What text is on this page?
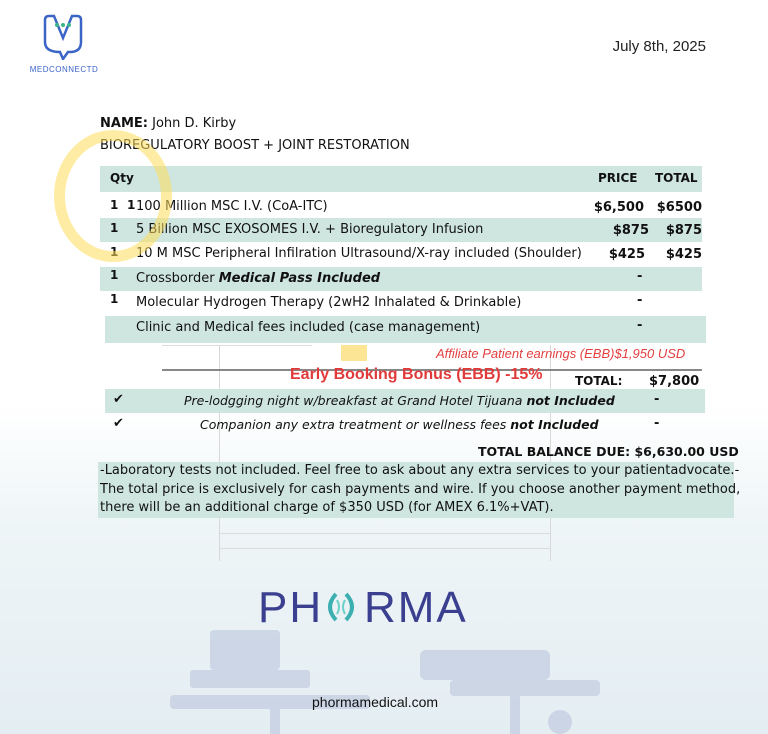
MEDCONNECTD
July 8th, 2025
NAME: John D. Kirby
BIOREGULATORY BOOST + JOINT RESTORATION
Qty	PRICE TOTAL
1 1 100 Million MSC I.V. (CoA-ITC)	$6,500 $6500
1 5 Billion MSC EXOSOMES I.V. + Bioregulatory Infusion	$875 $875
1 10 M MSC Peripheral Infilration Ultrasound/X-ray included (Shoulder) $425 $425
1 Crossborder Medical Pass Included	-
1 Molecular Hydrogen Therapy (2wH2 Inhalated & Drinkable)	-
Clinic and Medical fees included (case management)	-
Affiliate Patient earnings (EBB)$1,950 USD
Early Booking Bonus (EBB) -15%	TOTAL: $7,800
✔	Pre-lodgging night w/breakfast at Grand Hotel Tijuana not Included	-
✔	Companion any extra treatment or wellness fees not Included	-
TOTAL BALANCE DUE: $6,630.00 USD

-Laboratory tests not included. Feel free to ask about any extra services to your patientadvocate.-

The total price is exclusively for cash payments and wire. If you choose another payment method,

there will be an additional charge of $350 USD (for AMEX 6.1%+VAT).

PH RMA
phormamedical.com
